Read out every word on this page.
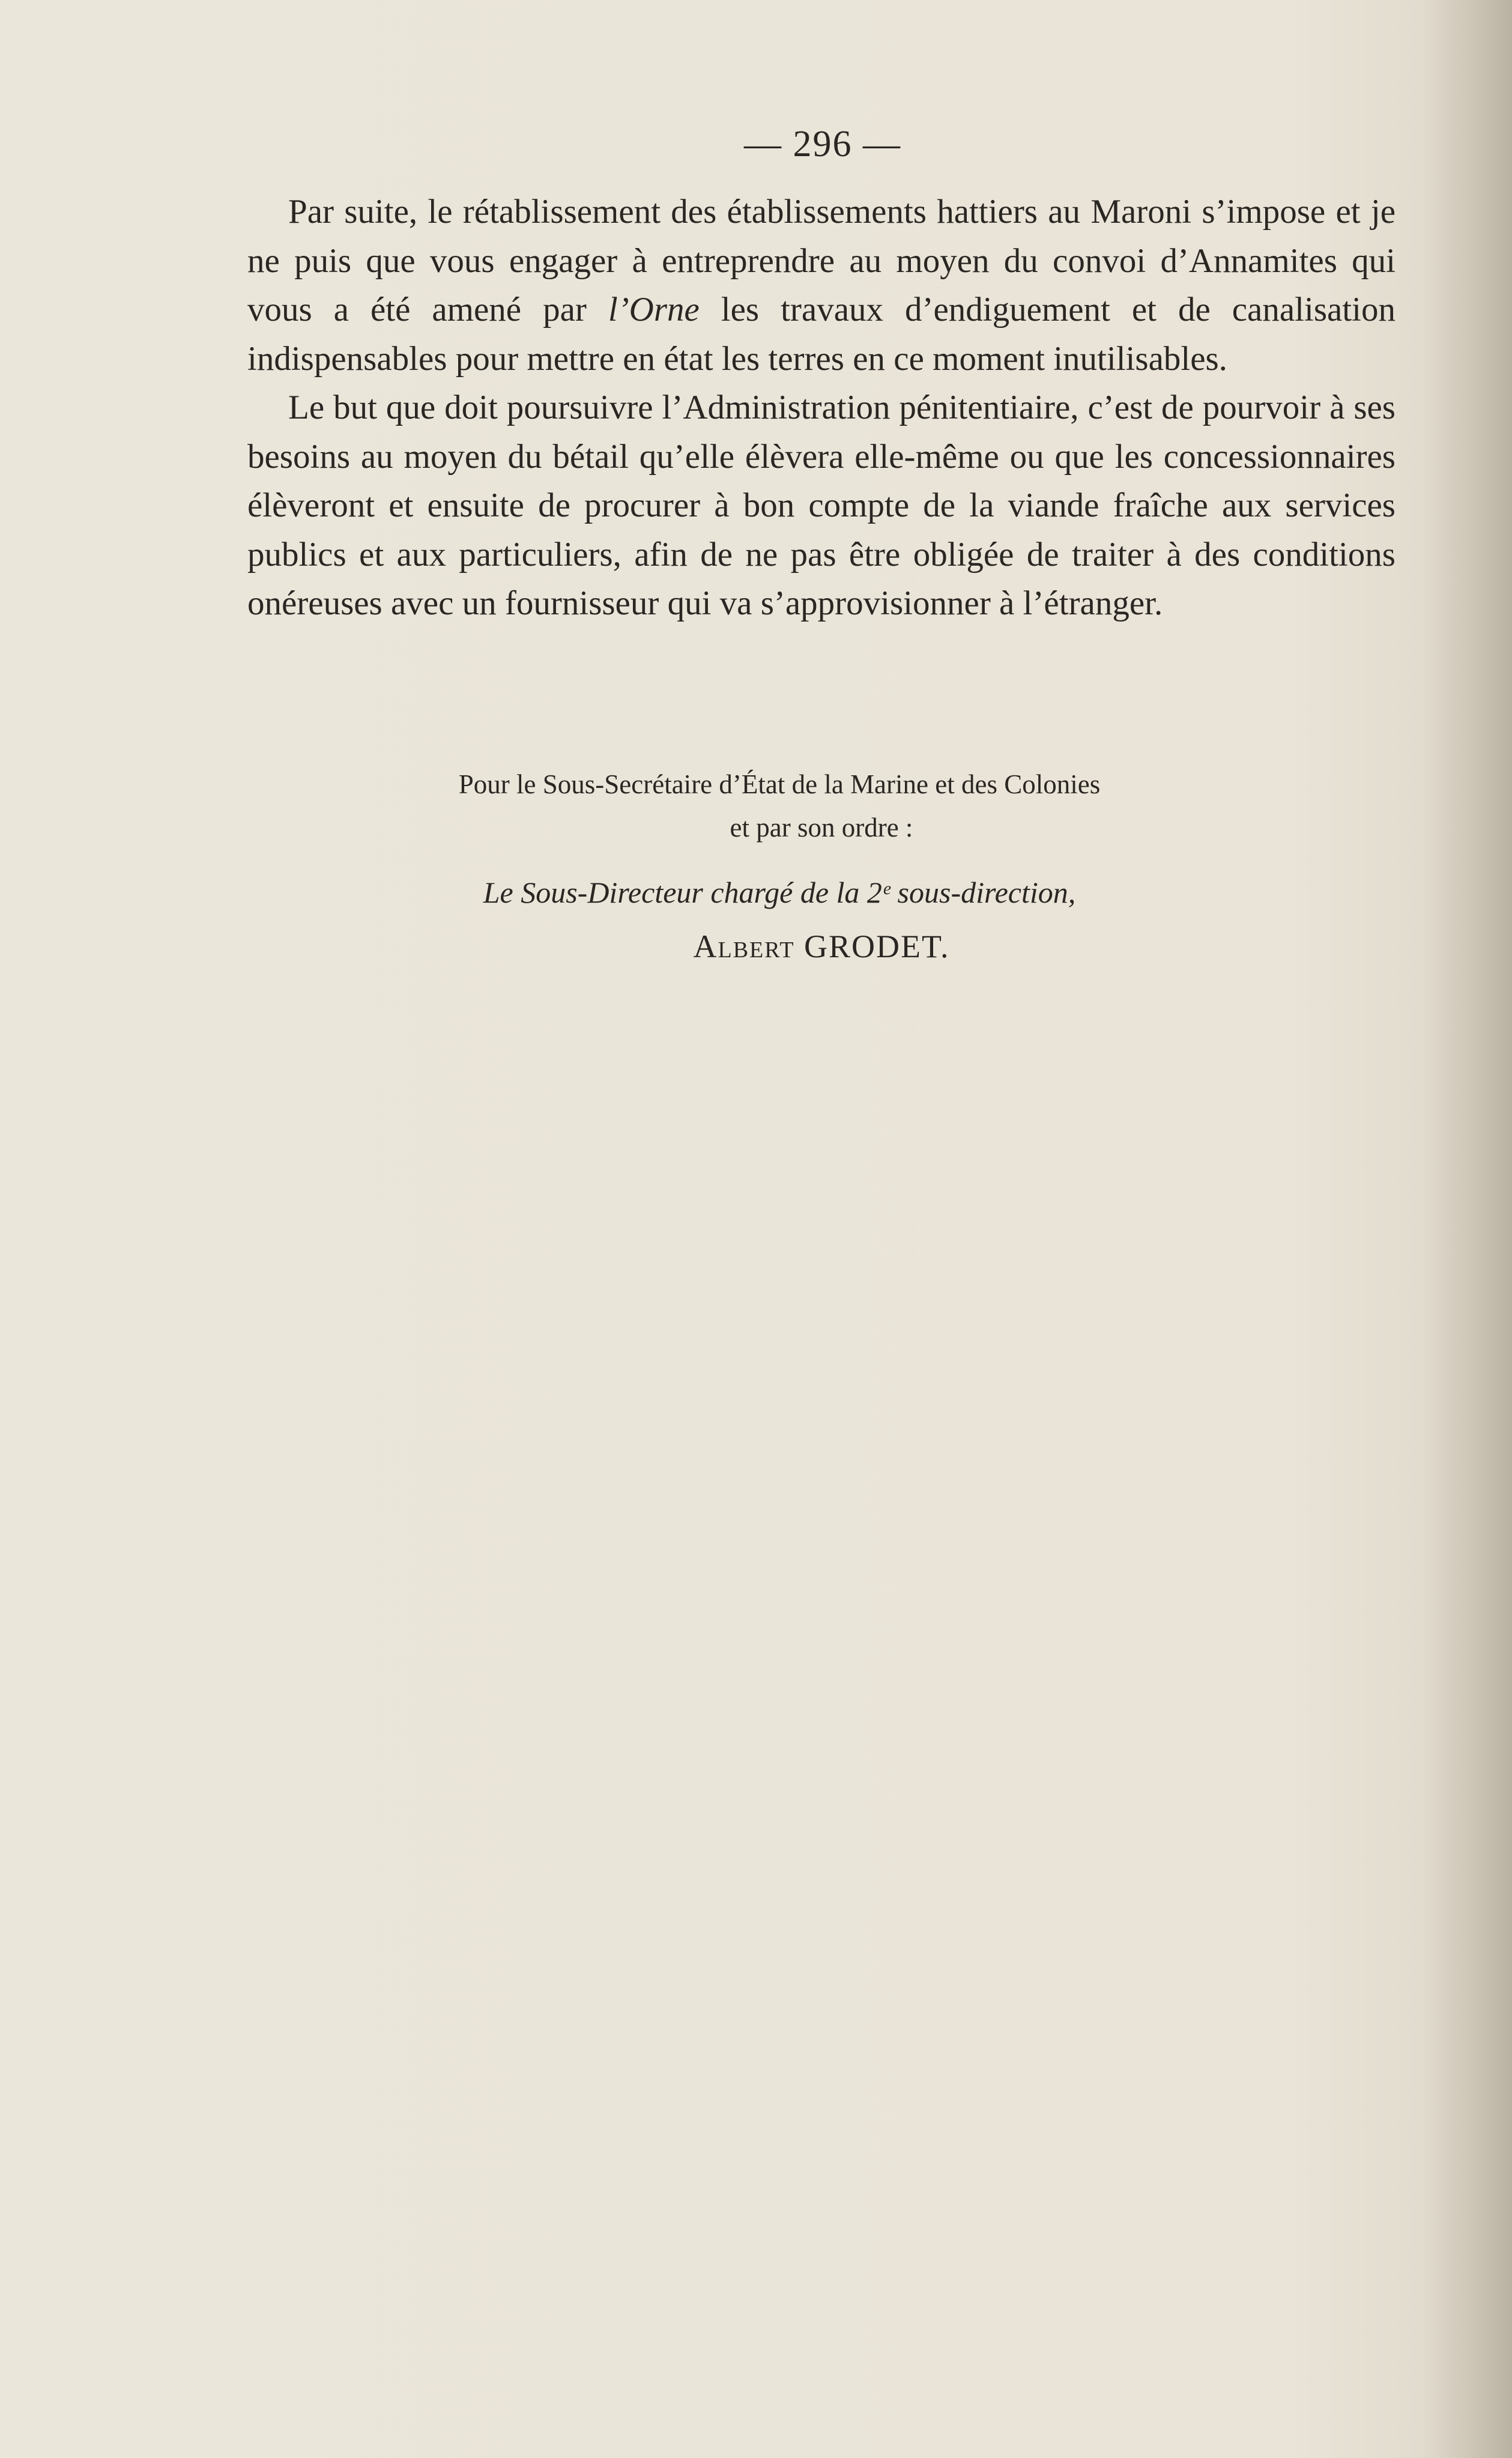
— 296 —

Par suite, le rétablissement des établissements hattiers au Maroni s’impose et je ne puis que vous engager à entreprendre au moyen du convoi d’Annamites qui vous a été amené par l’Orne les travaux d’endiguement et de canalisation indispensables pour mettre en état les terres en ce moment inutilisables.

Le but que doit poursuivre l’Administration pénitentiaire, c’est de pourvoir à ses besoins au moyen du bétail qu’elle élèvera elle-même ou que les concessionnaires élèveront et ensuite de procurer à bon compte de la viande fraîche aux services publics et aux particuliers, afin de ne pas être obligée de traiter à des conditions onéreuses avec un fournisseur qui va s’approvisionner à l’étranger.

Pour le Sous-Secrétaire d’État de la Marine et des Colonies
et par son ordre :
Le Sous-Directeur chargé de la 2ᵉ sous-direction,
Albert GRODET.
